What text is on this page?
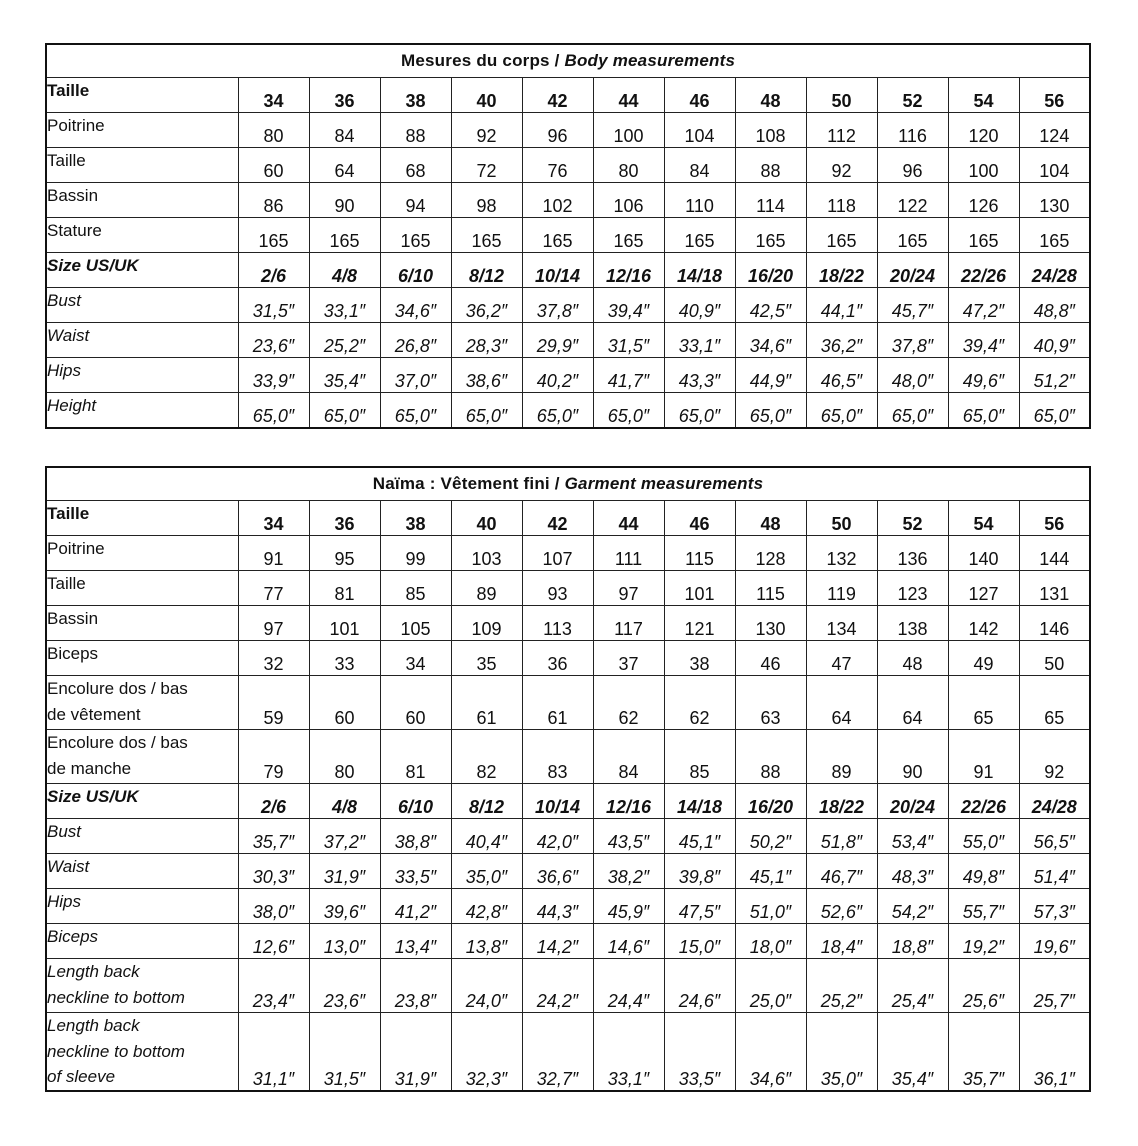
Mesures du corps / Body measurements												
Taille	34	36	38	40	42	44	46	48	50	52	54	56
Poitrine	80	84	88	92	96	100	104	108	112	116	120	124
Taille	60	64	68	72	76	80	84	88	92	96	100	104
Bassin	86	90	94	98	102	106	110	114	118	122	126	130
Stature	165	165	165	165	165	165	165	165	165	165	165	165
Size US/UK	2/6	4/8	6/10	8/12	10/14	12/16	14/18	16/20	18/22	20/24	22/26	24/28
Bust	31,5″	33,1″	34,6″	36,2″	37,8″	39,4″	40,9″	42,5″	44,1″	45,7″	47,2″	48,8″
Waist	23,6″	25,2″	26,8″	28,3″	29,9″	31,5″	33,1″	34,6″	36,2″	37,8″	39,4″	40,9″
Hips	33,9″	35,4″	37,0″	38,6″	40,2″	41,7″	43,3″	44,9″	46,5″	48,0″	49,6″	51,2″
Height	65,0″	65,0″	65,0″	65,0″	65,0″	65,0″	65,0″	65,0″	65,0″	65,0″	65,0″	65,0″
Naïma : Vêtement fini / Garment measurements												
Taille	34	36	38	40	42	44	46	48	50	52	54	56
Poitrine	91	95	99	103	107	111	115	128	132	136	140	144
Taille	77	81	85	89	93	97	101	115	119	123	127	131
Bassin	97	101	105	109	113	117	121	130	134	138	142	146
Biceps	32	33	34	35	36	37	38	46	47	48	49	50

Encolure dos / bas
de vêtement	59	60	60	61	61	62	62	63	64	64	65	65

Encolure dos / bas
de manche	79	80	81	82	83	84	85	88	89	90	91	92
Size US/UK	2/6	4/8	6/10	8/12	10/14	12/16	14/18	16/20	18/22	20/24	22/26	24/28
Bust	35,7″	37,2″	38,8″	40,4″	42,0″	43,5″	45,1″	50,2″	51,8″	53,4″	55,0″	56,5″
Waist	30,3″	31,9″	33,5″	35,0″	36,6″	38,2″	39,8″	45,1″	46,7″	48,3″	49,8″	51,4″
Hips	38,0″	39,6″	41,2″	42,8″	44,3″	45,9″	47,5″	51,0″	52,6″	54,2″	55,7″	57,3″
Biceps	12,6″	13,0″	13,4″	13,8″	14,2″	14,6″	15,0″	18,0″	18,4″	18,8″	19,2″	19,6″

Length back
neckline to bottom	23,4″	23,6″	23,8″	24,0″	24,2″	24,4″	24,6″	25,0″	25,2″	25,4″	25,6″	25,7″

Length back
neckline to bottom
of sleeve	31,1″	31,5″	31,9″	32,3″	32,7″	33,1″	33,5″	34,6″	35,0″	35,4″	35,7″	36,1″
